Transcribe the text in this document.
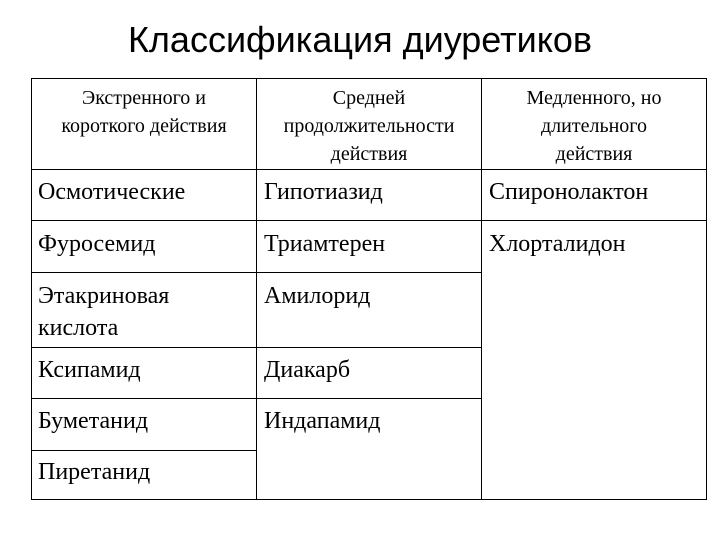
Классификация диуретиков
Экстренного и
короткого действия
Средней
продолжительности
действия
Медленного, но
длительного
действия
Осмотические
Фуросемид
Этакриновая
кислота
Ксипамид
Буметанид
Пиретанид
Гипотиазид
Триамтерен
Амилорид
Диакарб
Индапамид
Спиронолактон
Хлорталидон
